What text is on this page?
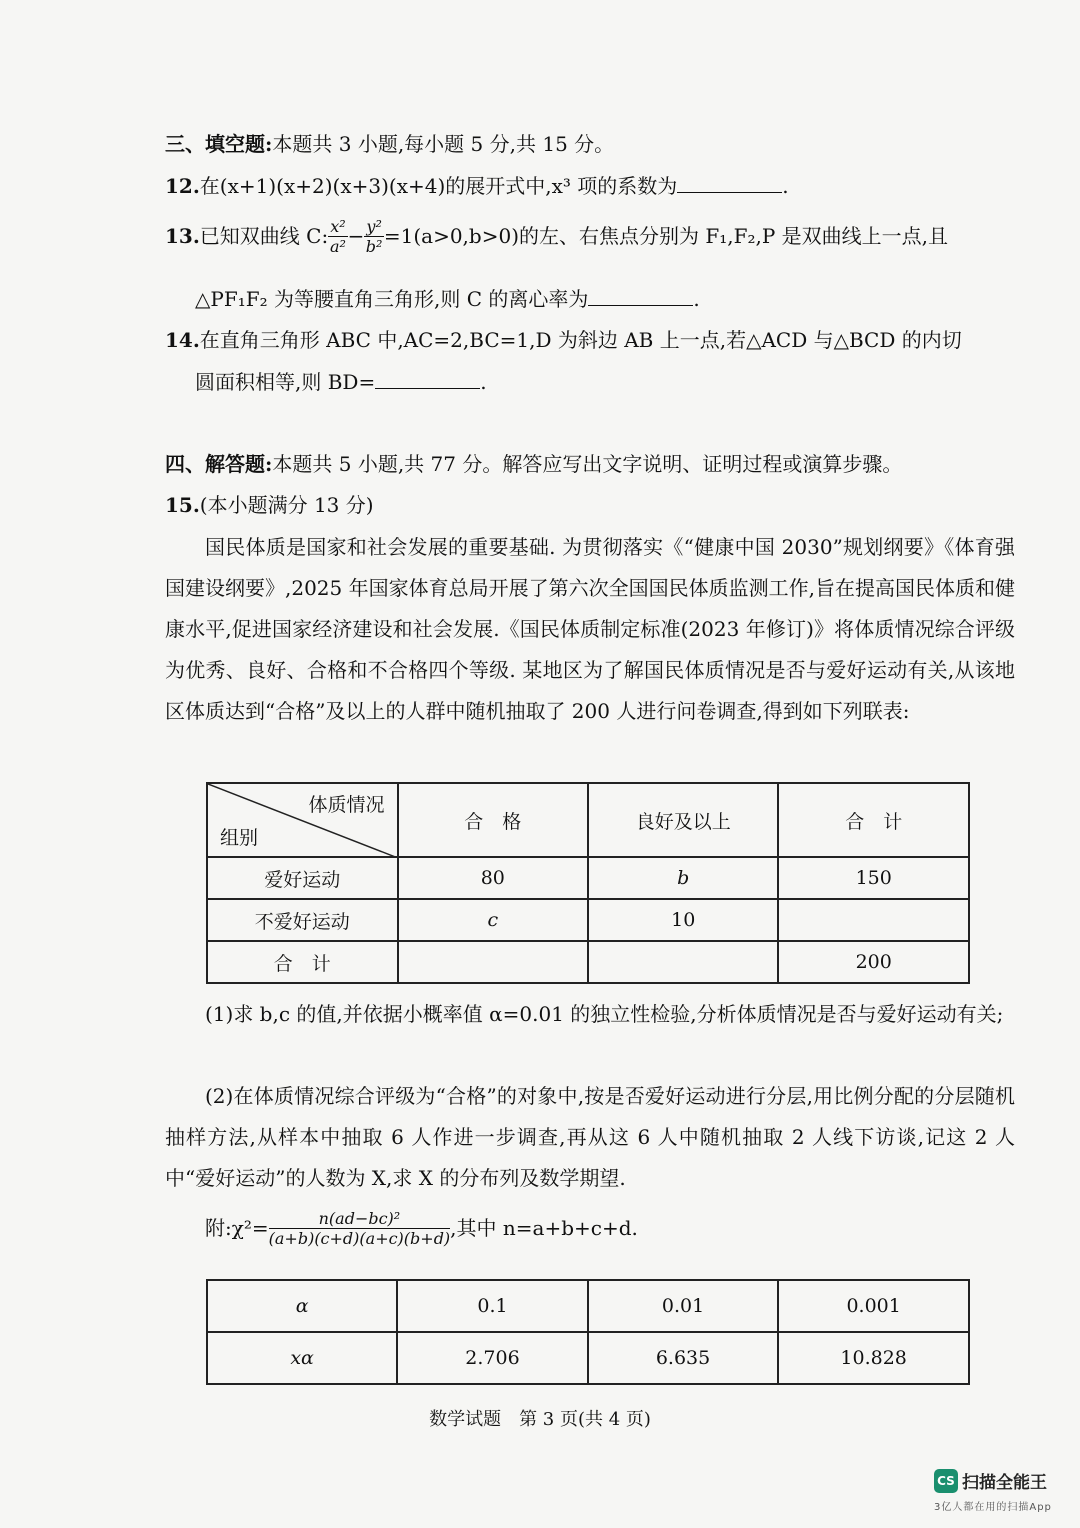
三、填空题:本题共 3 小题,每小题 5 分,共 15 分。
12.在(x+1)(x+2)(x+3)(x+4)的展开式中,x³ 项的系数为	.
13.已知双曲线 C: $\frac{\text{x²}}{\text{a²}} - \frac{\text{y²}}{\text{b²}} =1(a>0,b>0)$的左、右焦点分别为 F₁,F₂,P 是双曲线上一点,且
△PF₁F₂ 为等腰直角三角形,则 C 的离心率为	.
14.在直角三角形 ABC 中,AC=2,BC=1,D 为斜边 AB 上一点,若△ACD 与△BCD 的内切
圆面积相等,则 BD=	.
四、解答题:本题共 5 小题,共 77 分。解答应写出文字说明、证明过程或演算步骤。
15.(本小题满分 13 分)
国民体质是国家和社会发展的重要基础. 为贯彻落实《“健康中国 2030”规划纲要》《体育强国建设纲要》,2025 年国家体育总局开展了第六次全国国民体质监测工作,旨在提高国民体质和健康水平,促进国家经济建设和社会发展.《国民体质制定标准(2023 年修订)》将体质情况综合评级为优秀、良好、合格和不合格四个等级. 某地区为了解国民体质情况是否与爱好运动有关,从该地区体质达到“合格”及以上的人群中随机抽取了 200 人进行问卷调查,得到如下列联表:
体质情况
组别	合　格	良好及以上	合　计
爱好运动	80	b	150
不爱好运动	c	10	
合　计			200
(1)求 b,c 的值,并依据小概率值 α=0.01 的独立性检验,分析体质情况是否与爱好运动有关;
(2)在体质情况综合评级为“合格”的对象中,按是否爱好运动进行分层,用比例分配的分层随机抽样方法,从样本中抽取 6 人作进一步调查,再从这 6 人中随机抽取 2 人线下访谈,记这 2 人中“爱好运动”的人数为 X,求 X 的分布列及数学期望.
附:χ²= $\frac{\text{n(ad−bc)²}}{(a+b)(c+d)(a+c)(b+d)}$ ,其中 n=a+b+c+d.
α	0.1	0.01	0.001
xα	2.706	6.635	10.828
数学试题　第 3 页(共 4 页)
CS 扫描全能王
3亿人都在用的扫描App
